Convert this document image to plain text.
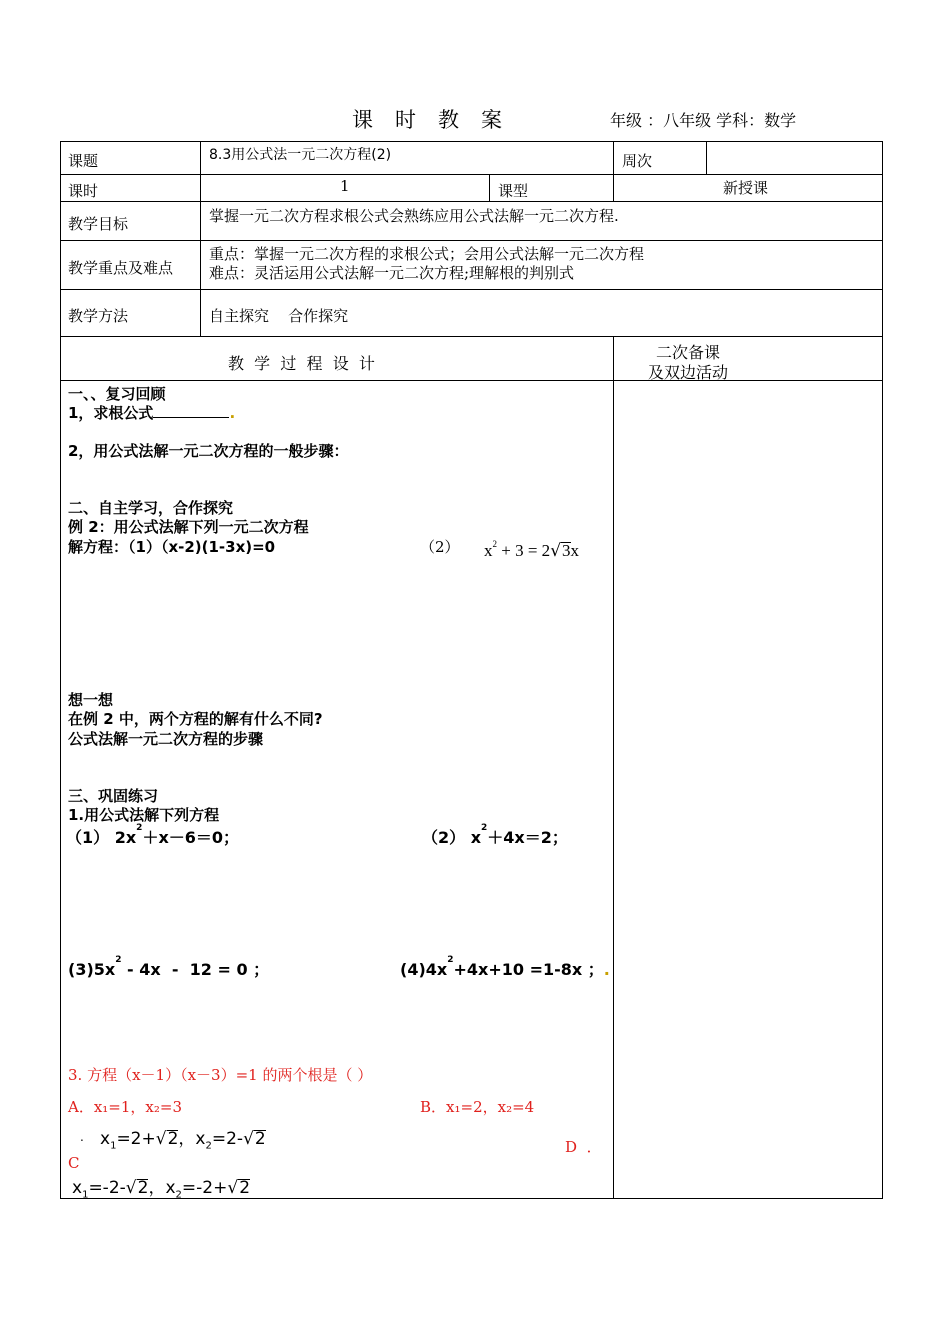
课 时 教 案	年级 ：八年级 学科：数学
课题	8.3用公式法一元二次方程(2)	周次
课时	1	课型	新授课
教学目标	掌握一元二次方程求根公式会熟练应用公式法解一元二次方程.
教学重点及难点
重点：掌握一元二次方程的求根公式；会用公式法解一元二次方程
难点：灵活运用公式法解一元二次方程;理解根的判别式
教学方法	自主探究    合作探究
教  学  过  程  设  计
二次备课
及双边活动
一、、复习回顾
1，求根公式	.
2，用公式法解一元二次方程的一般步骤：
二、自主学习，合作探究
例 2：用公式法解下列一元二次方程
解方程：（1）（x-2)(1-3x)=0	（2） $x^2 + 3 = 2√3x$
想一想
在例 2 中，两个方程的解有什么不同?
公式法解一元二次方程的步骤
三、巩固练习
1.用公式法解下列方程
（1） $2x^2+x-6=0$；	（2） $x^2+4x=2$；
$(3)5x^2 - 4x - 12 = 0$ ；	$(4)4x^2+4x+10 =1-8x$ ；.
3. 方程（x－1）（x－3）=1 的两个根是（ ）
A．x₁=1，x₂=3	B．x₁=2，x₂=4
. $x_1=2+√2$，$x_2=2-√2$
C
D  ．
$x_1=-2-√2$，$x_2=-2+√2$
